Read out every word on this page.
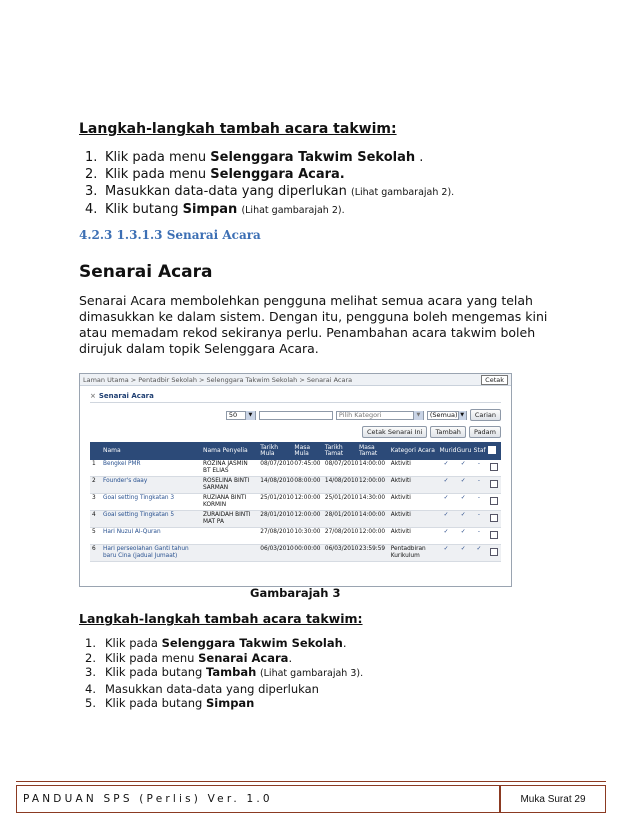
Langkah-langkah tambah acara takwim:
1. Klik pada menu Selenggara Takwim Sekolah .
2. Klik pada menu Selenggara Acara.
3. Masukkan data-data yang diperlukan (Lihat gambarajah 2).
4. Klik butang Simpan (Lihat gambarajah 2).
4.2.3 1.3.1.3 Senarai Acara
Senarai Acara
Senarai Acara membolehkan pengguna melihat semua acara yang telah dimasukkan ke dalam sistem. Dengan itu, pengguna boleh mengemas kini atau memadam rekod sekiranya perlu. Penambahan acara takwim boleh dirujuk dalam topik Selenggara Acara.
Laman Utama > Pentadbir Sekolah > Selenggara Takwim Sekolah > Senarai Acara	Cetak
× Senarai Acara
50	▼	Pilih Kategori	▼	(Semua) ▼	Carian
Cetak Senarai Ini	Tambah	Padam
	Nama	Nama Penyelia	Tarikh Mula	Masa Mula	Tarikh Tamat	Masa Tamat	Kategori Acara	Murid	Guru	Staf	
1	Bengkel PMR	ROZINA JASMIN BT ELIAS	08/07/2010	07:45:00	08/07/2010	14:00:00	Aktiviti	✓	✓	-	
2	Founder's daay	ROSELINA BINTI SARMAN	14/08/2010	08:00:00	14/08/2010	12:00:00	Aktiviti	✓	✓	-	
3	Goal setting Tingkatan 3	RUZIANA BINTI KORMIN	25/01/2010	12:00:00	25/01/2010	14:30:00	Aktiviti	✓	✓	-	
4	Goal setting Tingkatan 5	ZURAIDAH BINTI MAT PA	28/01/2010	12:00:00	28/01/2010	14:00:00	Aktiviti	✓	✓	-	
5	Hari Nuzul Al-Quran		27/08/2010	10:30:00	27/08/2010	12:00:00	Aktiviti	✓	✓	-	
6	Hari perseolahan Ganti tahun baru Cina (jadual Jumaat)		06/03/2010	00:00:00	06/03/2010	23:59:59	Pentadbiran Kurikulum	✓	✓	✓	
Gambarajah 3
Langkah-langkah tambah acara takwim:
1. Klik pada Selenggara Takwim Sekolah.
2. Klik pada menu Senarai Acara.
3. Klik pada butang Tambah (Lihat gambarajah 3).
4. Masukkan data-data yang diperlukan
5. Klik pada butang Simpan
PANDUAN SPS (Perlis) Ver. 1.0	Muka Surat 29
